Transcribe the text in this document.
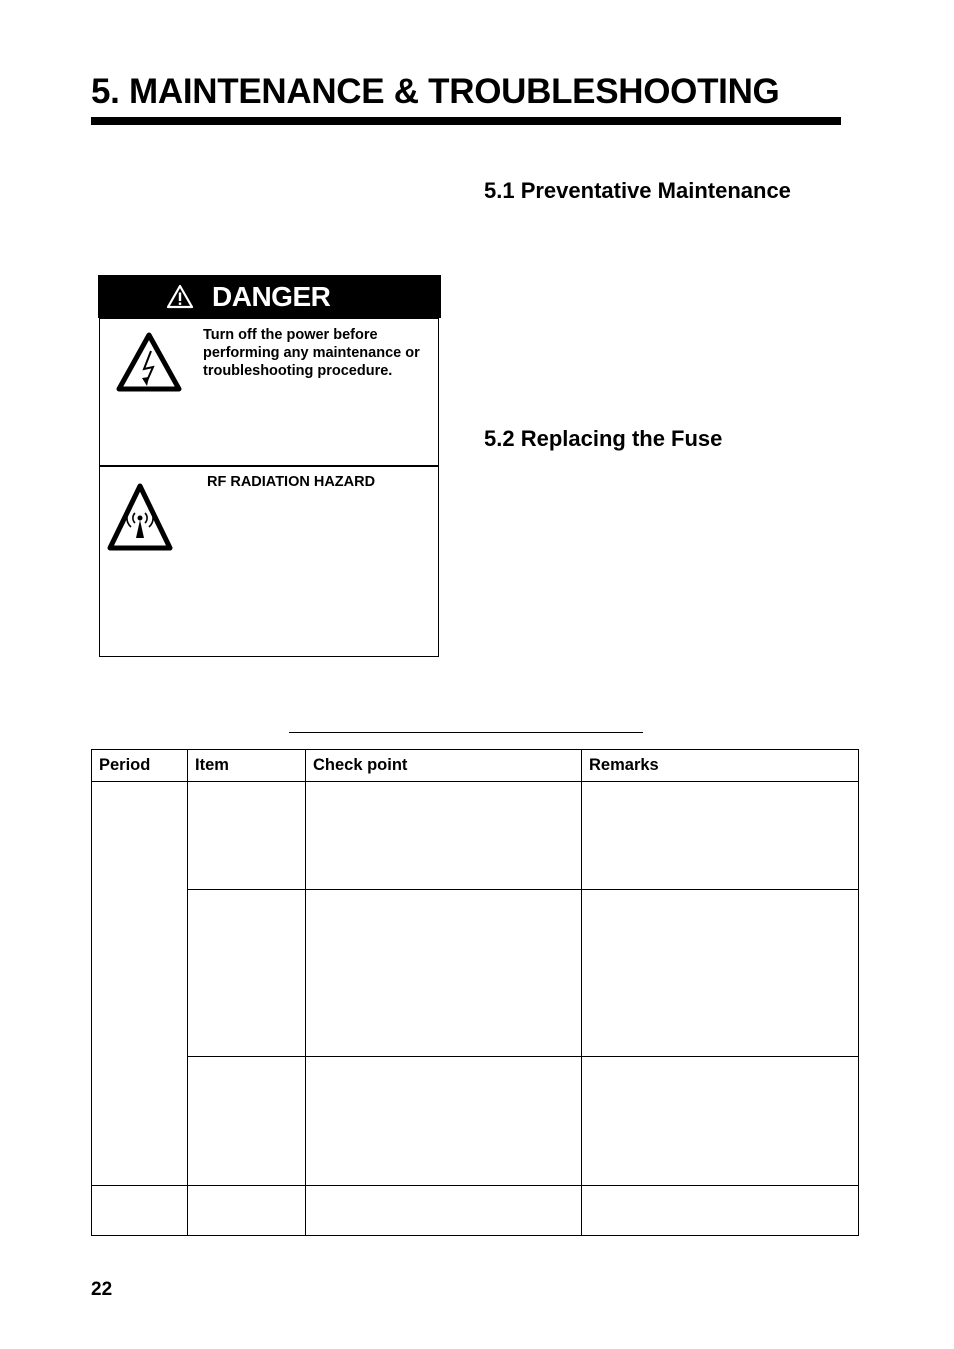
5. MAINTENANCE & TROUBLESHOOTING
5.1 Preventative Maintenance
5.2 Replacing the Fuse
DANGER
Turn off the power before performing any maintenance or troubleshooting procedure.
RF RADIATION HAZARD
Period	Item	Check point	Remarks

22
